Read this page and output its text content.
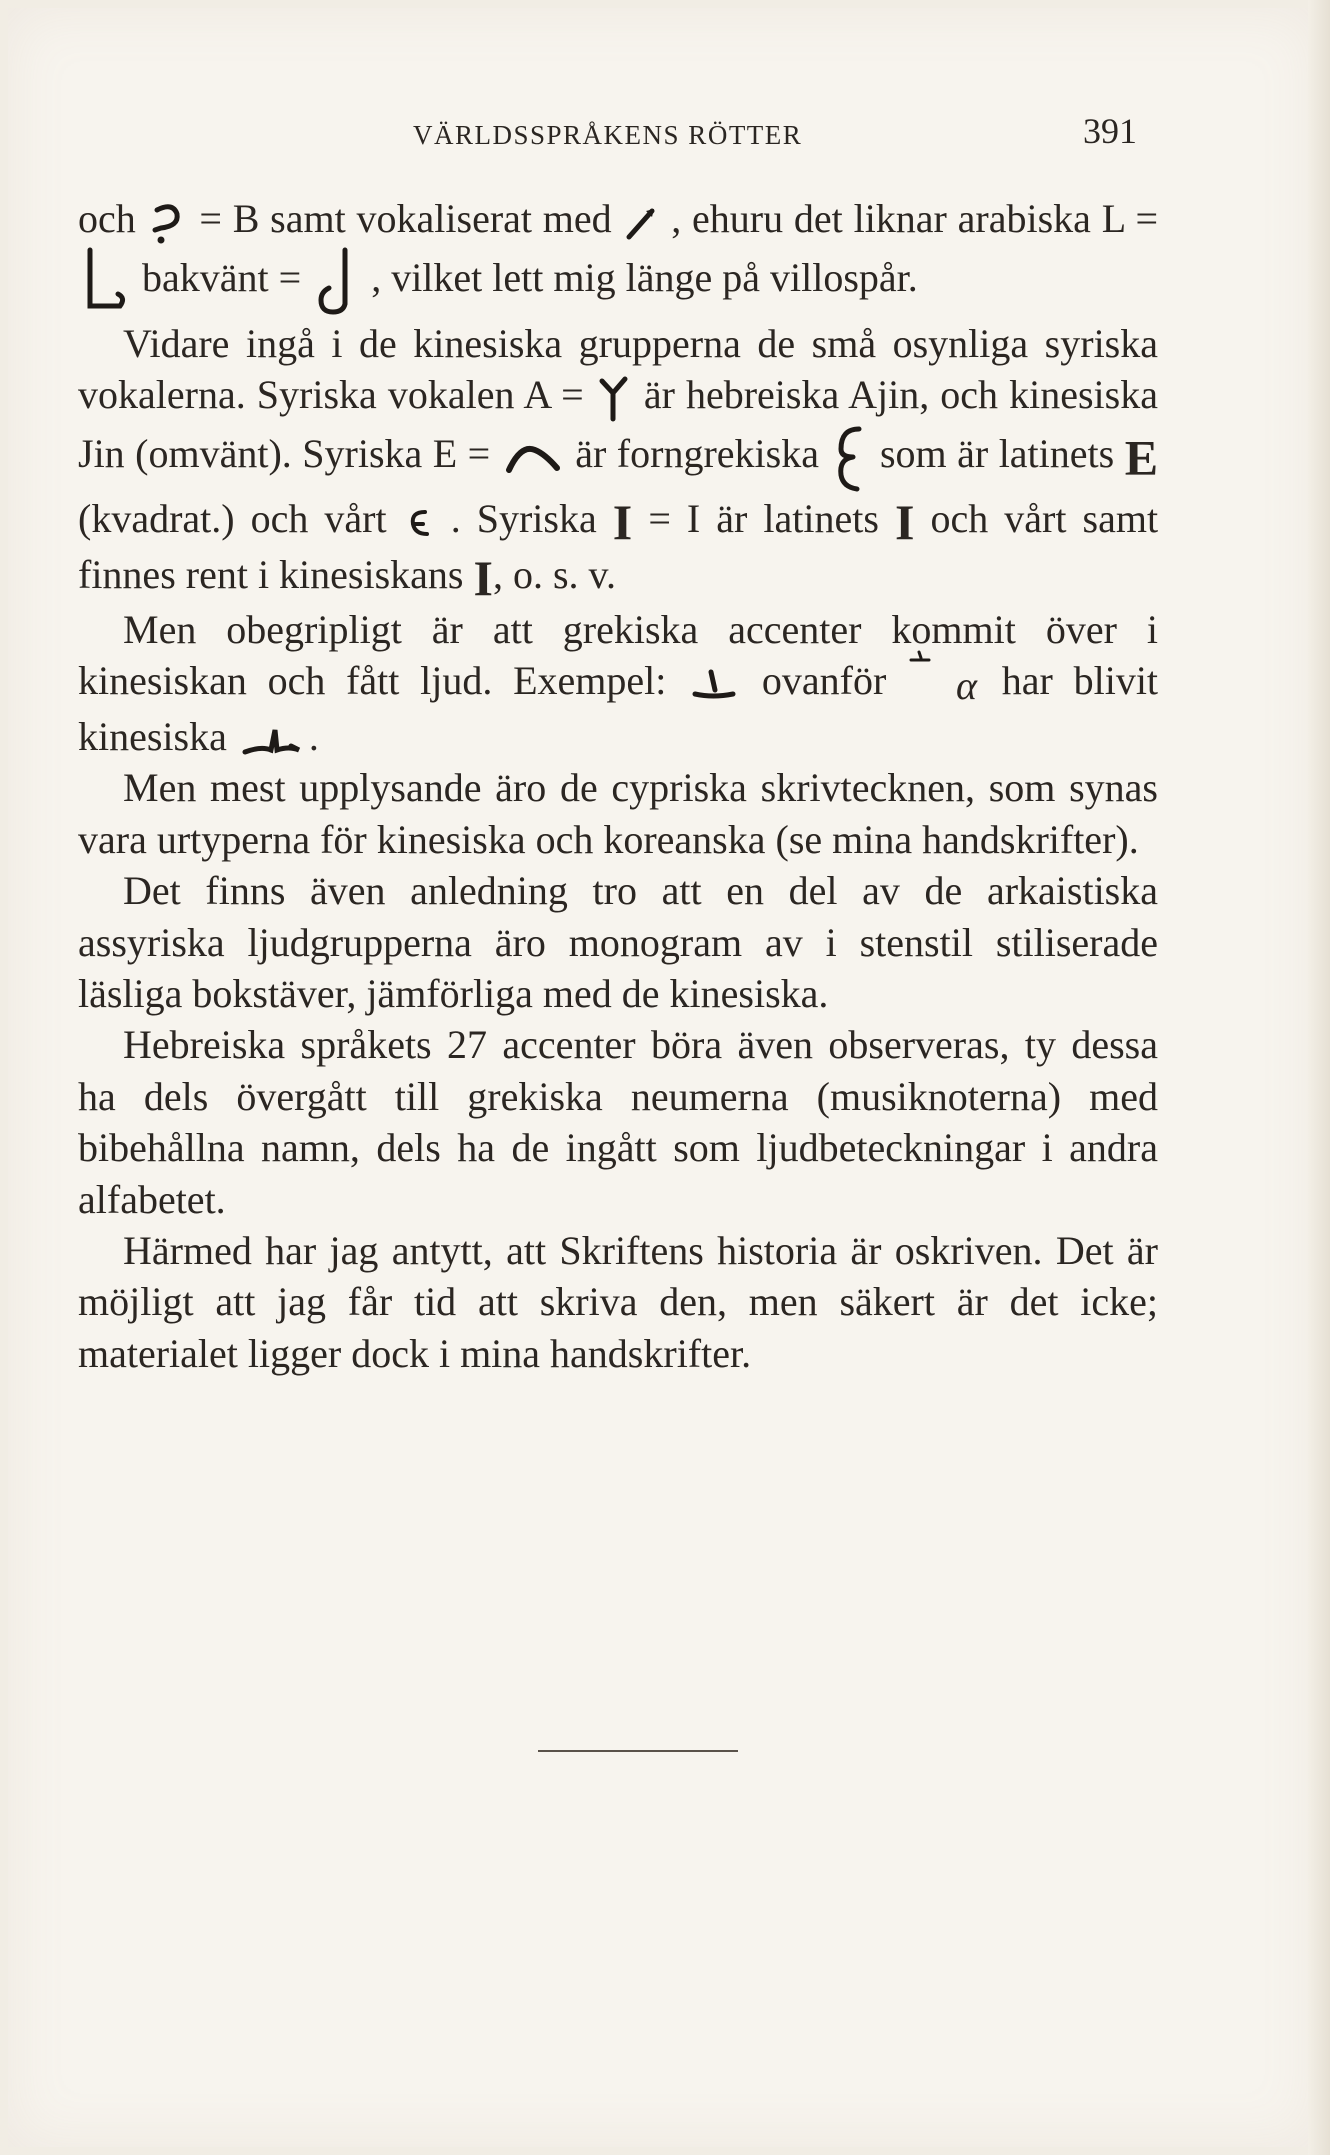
VÄRLDSSPRÅKENS RÖTTER	391

och = B samt vokaliserat med , ehuru det liknar arabiska L =
bakvänt = , vilket lett mig länge på villospår.

Vidare ingå i de kinesiska grupperna de små osynliga syriska vokalerna. Syriska vokalen A = är hebreiska Ajin, och kinesiska Jin (omvänt). Syriska E = är forngrekiska som är latinets E (kvadrat.) och vårt . Syriska I = I är latinets I och vårt samt finnes rent i kinesiskans I, o. s. v.

Men obegripligt är att grekiska accenter kommit över i kinesiskan och fått ljud. Exempel: ovanför α har blivit kinesiska .

Men mest upplysande äro de cypriska skrivtecknen, som synas vara urtyperna för kinesiska och koreanska (se mina handskrifter).

Det finns även anledning tro att en del av de arkaistiska assyriska ljudgrupperna äro monogram av i stenstil stiliserade läsliga bokstäver, jämförliga med de kinesiska.

Hebreiska språkets 27 accenter böra även observeras, ty dessa ha dels övergått till grekiska neumerna (musiknoterna) med bibehållna namn, dels ha de ingått som ljudbeteckningar i andra alfabetet.

Härmed har jag antytt, att Skriftens historia är oskriven. Det är möjligt att jag får tid att skriva den, men säkert är det icke; materialet ligger dock i mina handskrifter.
